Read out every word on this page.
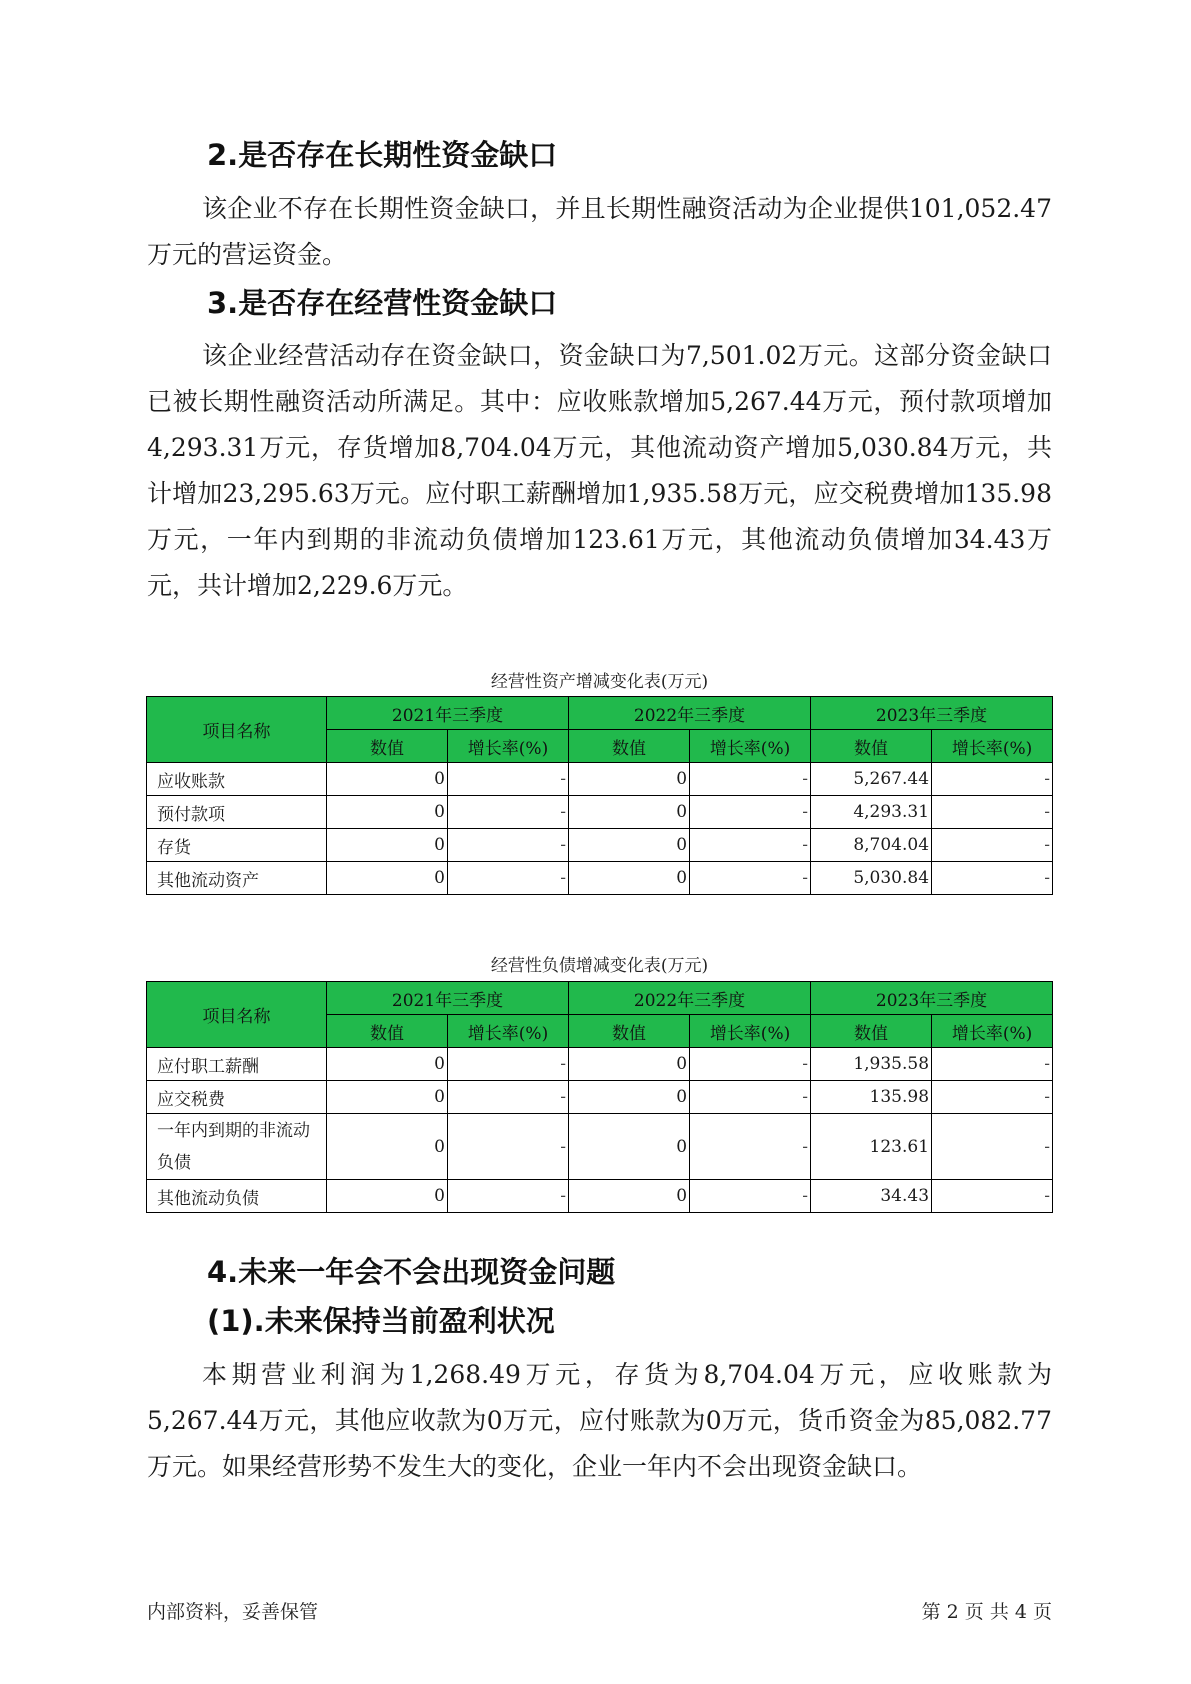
2.是否存在长期性资金缺口

该企业不存在长期性资金缺口，并且长期性融资活动为企业提供101,052.47万元的营运资金。

3.是否存在经营性资金缺口

该企业经营活动存在资金缺口，资金缺口为7,501.02万元。这部分资金缺口已被长期性融资活动所满足。其中：应收账款增加5,267.44万元，预付款项增加4,293.31万元，存货增加8,704.04万元，其他流动资产增加5,030.84万元，共计增加23,295.63万元。应付职工薪酬增加1,935.58万元，应交税费增加135.98万元，一年内到期的非流动负债增加123.61万元，其他流动负债增加34.43万元，共计增加2,229.6万元。

经营性资产增减变化表(万元)
项目名称	2021年三季度		2022年三季度		2023年三季度	
	数值	增长率(%)	数值	增长率(%)	数值	增长率(%)
应收账款	0	-	0	-	5,267.44	-
预付款项	0	-	0	-	4,293.31	-
存货	0	-	0	-	8,704.04	-
其他流动资产	0	-	0	-	5,030.84	-
经营性负债增减变化表(万元)
项目名称	2021年三季度		2022年三季度		2023年三季度	
	数值	增长率(%)	数值	增长率(%)	数值	增长率(%)
应付职工薪酬	0	-	0	-	1,935.58	-
应交税费	0	-	0	-	135.98	-
一年内到期的非流动负债	0	-	0	-	123.61	-
其他流动负债	0	-	0	-	34.43	-
4.未来一年会不会出现资金问题
(1).未来保持当前盈利状况

本期营业利润为1,268.49万元，存货为8,704.04万元，应收账款为5,267.44万元，其他应收款为0万元，应付账款为0万元，货币资金为85,082.77万元。如果经营形势不发生大的变化，企业一年内不会出现资金缺口。

内部资料，妥善保管	第 2 页 共 4 页
